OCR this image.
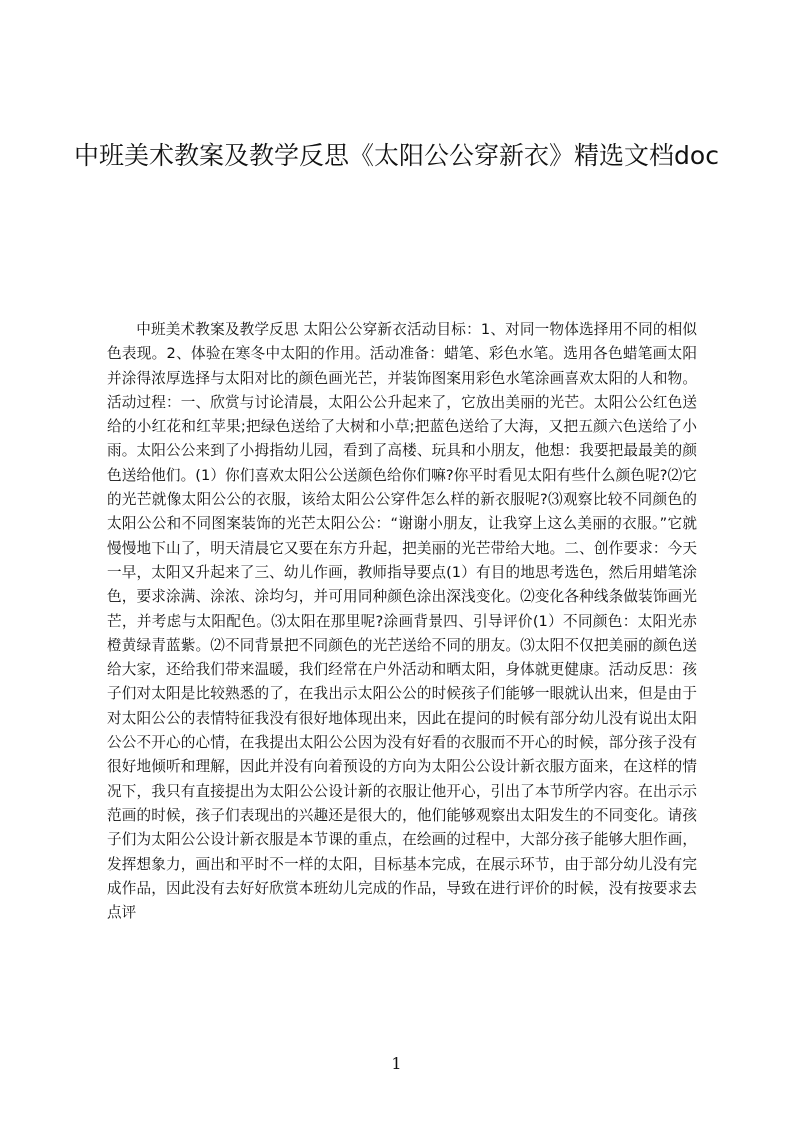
中班美术教案及教学反思《太阳公公穿新衣》精选文档doc

中班美术教案及教学反思 太阳公公穿新衣活动目标：1、对同一物体选择用不同的相似色表现。2、体验在寒冬中太阳的作用。活动准备：蜡笔、彩色水笔。选用各色蜡笔画太阳并涂得浓厚选择与太阳对比的颜色画光芒，并装饰图案用彩色水笔涂画喜欢太阳的人和物。活动过程：一、欣赏与讨论清晨，太阳公公升起来了，它放出美丽的光芒。太阳公公红色送给的小红花和红苹果;把绿色送给了大树和小草;把蓝色送给了大海，又把五颜六色送给了小雨。太阳公公来到了小拇指幼儿园，看到了高楼、玩具和小朋友，他想：我要把最最美的颜色送给他们。(1）你们喜欢太阳公公送颜色给你们嘛?你平时看见太阳有些什么颜色呢?⑵它的光芒就像太阳公公的衣服，该给太阳公公穿件怎么样的新衣服呢?⑶观察比较不同颜色的太阳公公和不同图案装饰的光芒太阳公公：“谢谢小朋友，让我穿上这么美丽的衣服。”它就慢慢地下山了，明天清晨它又要在东方升起，把美丽的光芒带给大地。二、创作要求：今天一早，太阳又升起来了三、幼儿作画，教师指导要点(1）有目的地思考选色，然后用蜡笔涂色，要求涂满、涂浓、涂均匀，并可用同种颜色涂出深浅变化。⑵变化各种线条做装饰画光芒，并考虑与太阳配色。⑶太阳在那里呢?涂画背景四、引导评价(1）不同颜色：太阳光赤橙黄绿青蓝紫。⑵不同背景把不同颜色的光芒送给不同的朋友。⑶太阳不仅把美丽的颜色送给大家，还给我们带来温暖，我们经常在户外活动和晒太阳，身体就更健康。活动反思：孩子们对太阳是比较熟悉的了，在我出示太阳公公的时候孩子们能够一眼就认出来，但是由于对太阳公公的表情特征我没有很好地体现出来，因此在提问的时候有部分幼儿没有说出太阳公公不开心的心情，在我提出太阳公公因为没有好看的衣服而不开心的时候，部分孩子没有很好地倾听和理解，因此并没有向着预设的方向为太阳公公设计新衣服方面来，在这样的情况下，我只有直接提出为太阳公公设计新的衣服让他开心，引出了本节所学内容。在出示示范画的时候，孩子们表现出的兴趣还是很大的，他们能够观察出太阳发生的不同变化。请孩子们为太阳公公设计新衣服是本节课的重点，在绘画的过程中，大部分孩子能够大胆作画，发挥想象力，画出和平时不一样的太阳，目标基本完成，在展示环节，由于部分幼儿没有完成作品，因此没有去好好欣赏本班幼儿完成的作品，导致在进行评价的时候，没有按要求去点评

1
